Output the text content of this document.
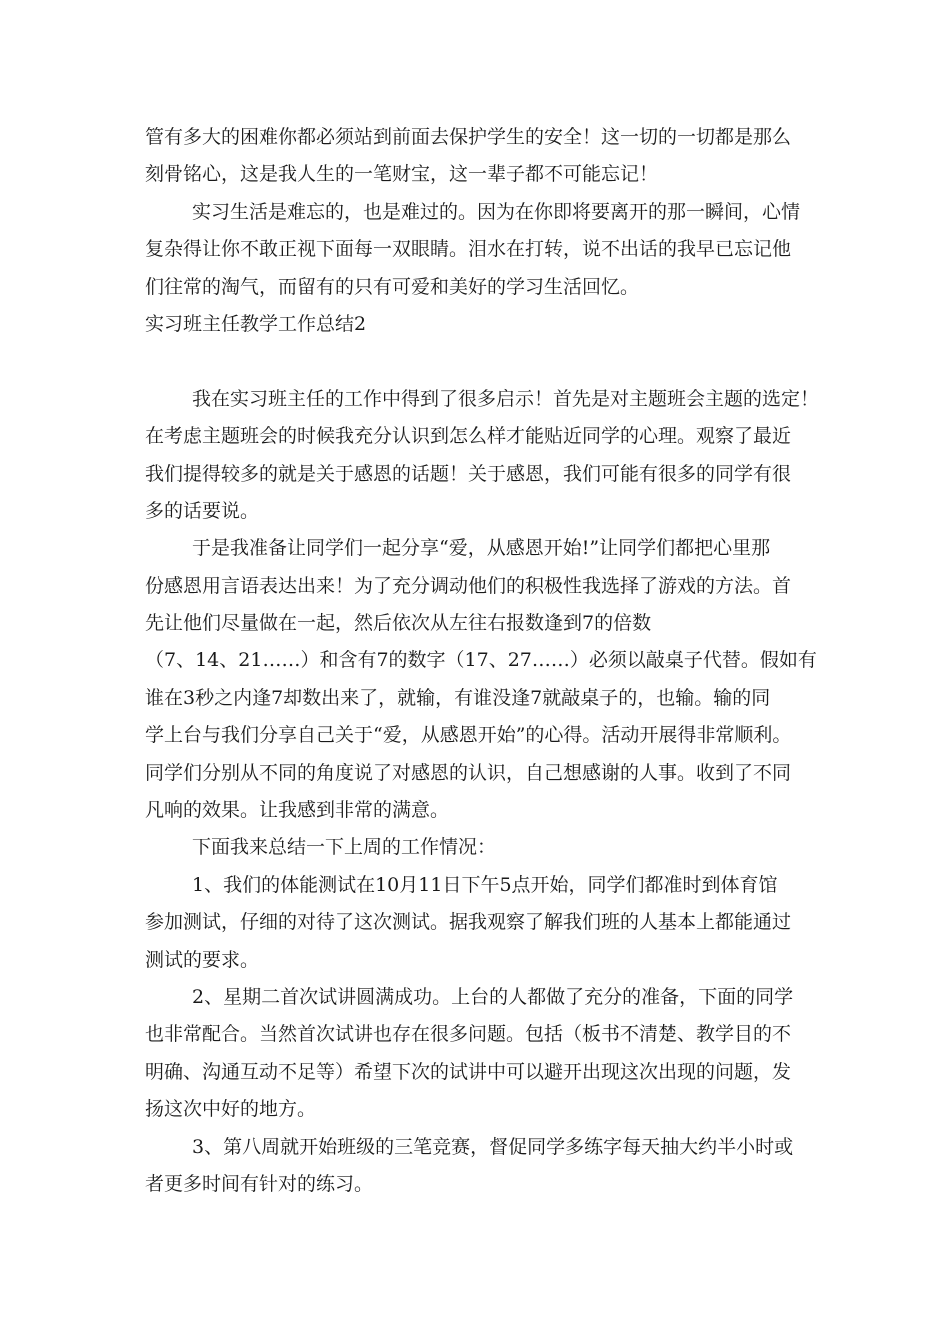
管有多大的困难你都必须站到前面去保护学生的安全！这一切的一切都是那么
刻骨铭心，这是我人生的一笔财宝，这一辈子都不可能忘记！
实习生活是难忘的，也是难过的。因为在你即将要离开的那一瞬间，心情
复杂得让你不敢正视下面每一双眼睛。泪水在打转，说不出话的我早已忘记他
们往常的淘气，而留有的只有可爱和美好的学习生活回忆。
实习班主任教学工作总结2
我在实习班主任的工作中得到了很多启示！首先是对主题班会主题的选定！
在考虑主题班会的时候我充分认识到怎么样才能贴近同学的心理。观察了最近
我们提得较多的就是关于感恩的话题！关于感恩，我们可能有很多的同学有很
多的话要说。
于是我准备让同学们一起分享“爱，从感恩开始!”让同学们都把心里那
份感恩用言语表达出来！为了充分调动他们的积极性我选择了游戏的方法。首
先让他们尽量做在一起，然后依次从左往右报数逢到7的倍数
（7、14、21……）和含有7的数字（17、27……）必须以敲桌子代替。假如有
谁在3秒之内逢7却数出来了，就输，有谁没逢7就敲桌子的，也输。输的同
学上台与我们分享自己关于“爱，从感恩开始”的心得。活动开展得非常顺利。
同学们分别从不同的角度说了对感恩的认识，自己想感谢的人事。收到了不同
凡响的效果。让我感到非常的满意。
下面我来总结一下上周的工作情况：
1、我们的体能测试在10月11日下午5点开始，同学们都准时到体育馆
参加测试，仔细的对待了这次测试。据我观察了解我们班的人基本上都能通过
测试的要求。
2、星期二首次试讲圆满成功。上台的人都做了充分的准备，下面的同学
也非常配合。当然首次试讲也存在很多问题。包括（板书不清楚、教学目的不
明确、沟通互动不足等）希望下次的试讲中可以避开出现这次出现的问题，发
扬这次中好的地方。
3、第八周就开始班级的三笔竞赛，督促同学多练字每天抽大约半小时或
者更多时间有针对的练习。
